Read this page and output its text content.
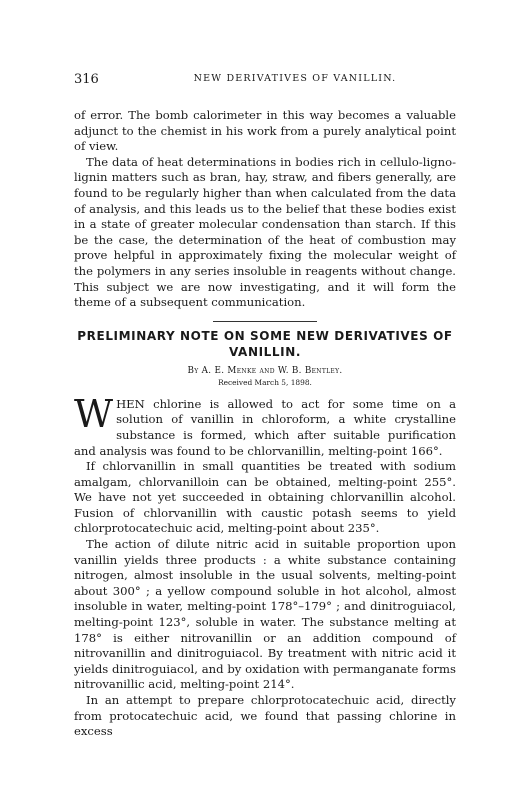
316	NEW DERIVATIVES OF VANILLIN.

of error. The bomb calorimeter in this way becomes a valuable adjunct to the chemist in his work from a purely analytical point of view.

The data of heat determinations in bodies rich in cellulo-ligno-lignin matters such as bran, hay, straw, and fibers generally, are found to be regularly higher than when calculated from the data of analysis, and this leads us to the belief that these bodies exist in a state of greater molecular condensation than starch. If this be the case, the determination of the heat of combustion may prove helpful in approximately fixing the molecular weight of the polymers in any series insoluble in reagents without change. This subject we are now investigating, and it will form the theme of a subsequent communication.

PRELIMINARY NOTE ON SOME NEW DERIVATIVES OF VANILLIN.
By A. E. Menke and W. B. Bentley.
Received March 5, 1898.

WHEN chlorine is allowed to act for some time on a solution of vanillin in chloroform, a white crystalline substance is formed, which after suitable purification and analysis was found to be chlorvanillin, melting-point 166°.

If chlorvanillin in small quantities be treated with sodium amalgam, chlorvanilloin can be obtained, melting-point 255°. We have not yet succeeded in obtaining chlorvanillin alcohol. Fusion of chlorvanillin with caustic potash seems to yield chlorprotocatechuic acid, melting-point about 235°.

The action of dilute nitric acid in suitable proportion upon vanillin yields three products : a white substance containing nitrogen, almost insoluble in the usual solvents, melting-point about 300° ; a yellow compound soluble in hot alcohol, almost insoluble in water, melting-point 178°–179° ; and dinitroguiacol, melting-point 123°, soluble in water. The substance melting at 178° is either nitrovanillin or an addition compound of nitrovanillin and dinitroguiacol. By treatment with nitric acid it yields dinitroguiacol, and by oxidation with permanganate forms nitrovanillic acid, melting-point 214°.

In an attempt to prepare chlorprotocatechuic acid, directly from protocatechuic acid, we found that passing chlorine in excess
